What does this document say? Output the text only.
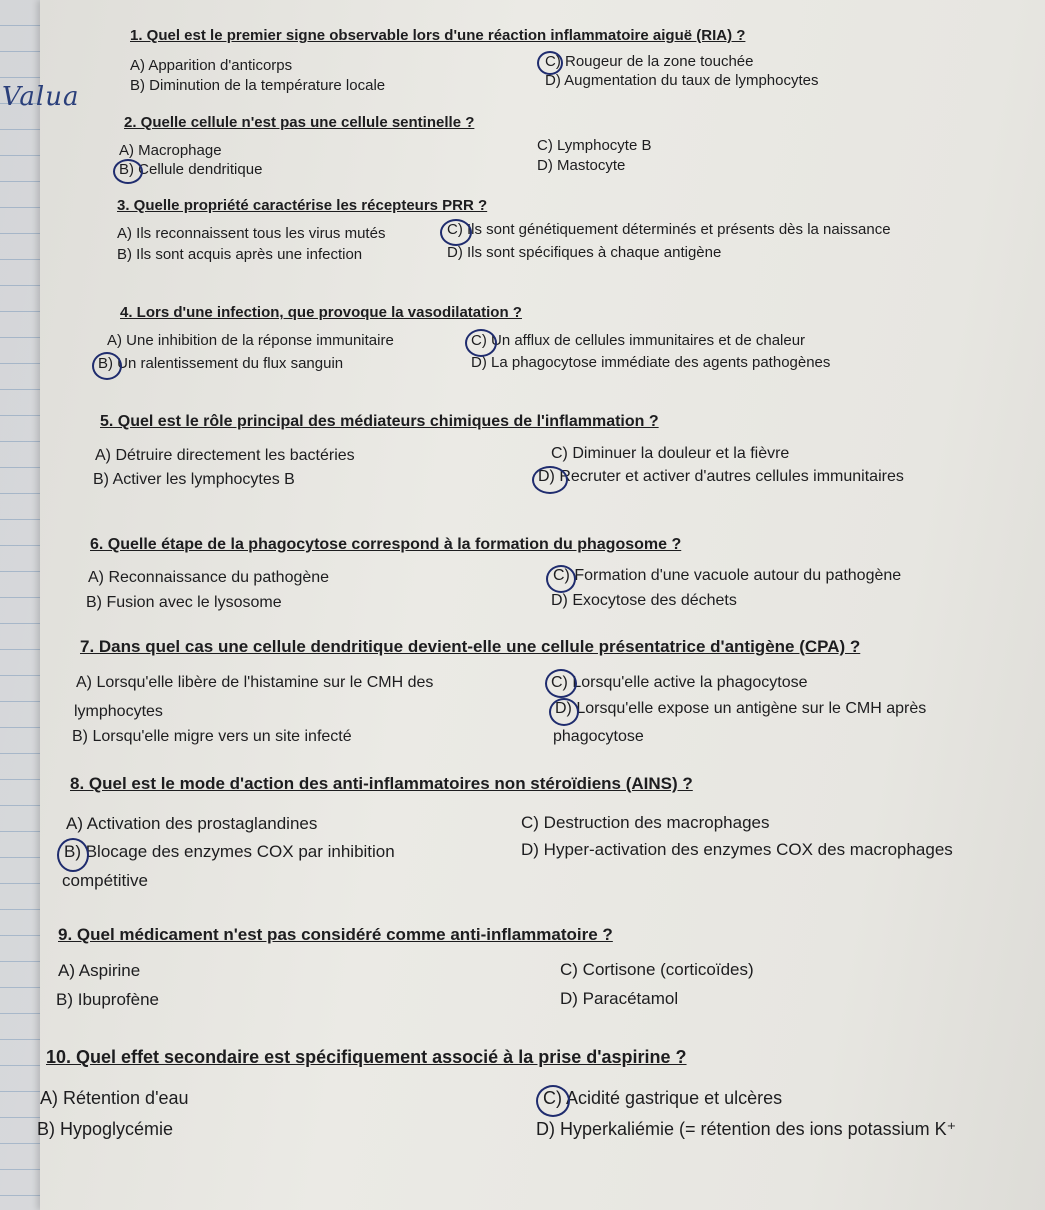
Valua
1. Quel est le premier signe observable lors d'une réaction inflammatoire aiguë (RIA) ?
A) Apparition d'anticorps
B) Diminution de la température locale
C) Rougeur de la zone touchée
D) Augmentation du taux de lymphocytes
2. Quelle cellule n'est pas une cellule sentinelle ?
A) Macrophage
B) Cellule dendritique
C) Lymphocyte B
D) Mastocyte
3. Quelle propriété caractérise les récepteurs PRR ?
A) Ils reconnaissent tous les virus mutés
B) Ils sont acquis après une infection
C) Ils sont génétiquement déterminés et présents dès la naissance
D) Ils sont spécifiques à chaque antigène
4. Lors d'une infection, que provoque la vasodilatation ?
A) Une inhibition de la réponse immunitaire
B) Un ralentissement du flux sanguin
C) Un afflux de cellules immunitaires et de chaleur
D) La phagocytose immédiate des agents pathogènes
5. Quel est le rôle principal des médiateurs chimiques de l'inflammation ?
A) Détruire directement les bactéries
B) Activer les lymphocytes B
C) Diminuer la douleur et la fièvre
D) Recruter et activer d'autres cellules immunitaires
6. Quelle étape de la phagocytose correspond à la formation du phagosome ?
A) Reconnaissance du pathogène
B) Fusion avec le lysosome
C) Formation d'une vacuole autour du pathogène
D) Exocytose des déchets
7. Dans quel cas une cellule dendritique devient-elle une cellule présentatrice d'antigène (CPA) ?
A) Lorsqu'elle libère de l'histamine sur le CMH des
lymphocytes
B) Lorsqu'elle migre vers un site infecté
C) Lorsqu'elle active la phagocytose
D) Lorsqu'elle expose un antigène sur le CMH après
phagocytose
8. Quel est le mode d'action des anti-inflammatoires non stéroïdiens (AINS) ?
A) Activation des prostaglandines
B) Blocage des enzymes COX par inhibition
compétitive
C) Destruction des macrophages
D) Hyper-activation des enzymes COX des macrophages
9. Quel médicament n'est pas considéré comme anti-inflammatoire ?
A) Aspirine
B) Ibuprofène
C) Cortisone (corticoïdes)
D) Paracétamol
10. Quel effet secondaire est spécifiquement associé à la prise d'aspirine ?
A) Rétention d'eau
B) Hypoglycémie
C) Acidité gastrique et ulcères
D) Hyperkaliémie (= rétention des ions potassium K⁺
